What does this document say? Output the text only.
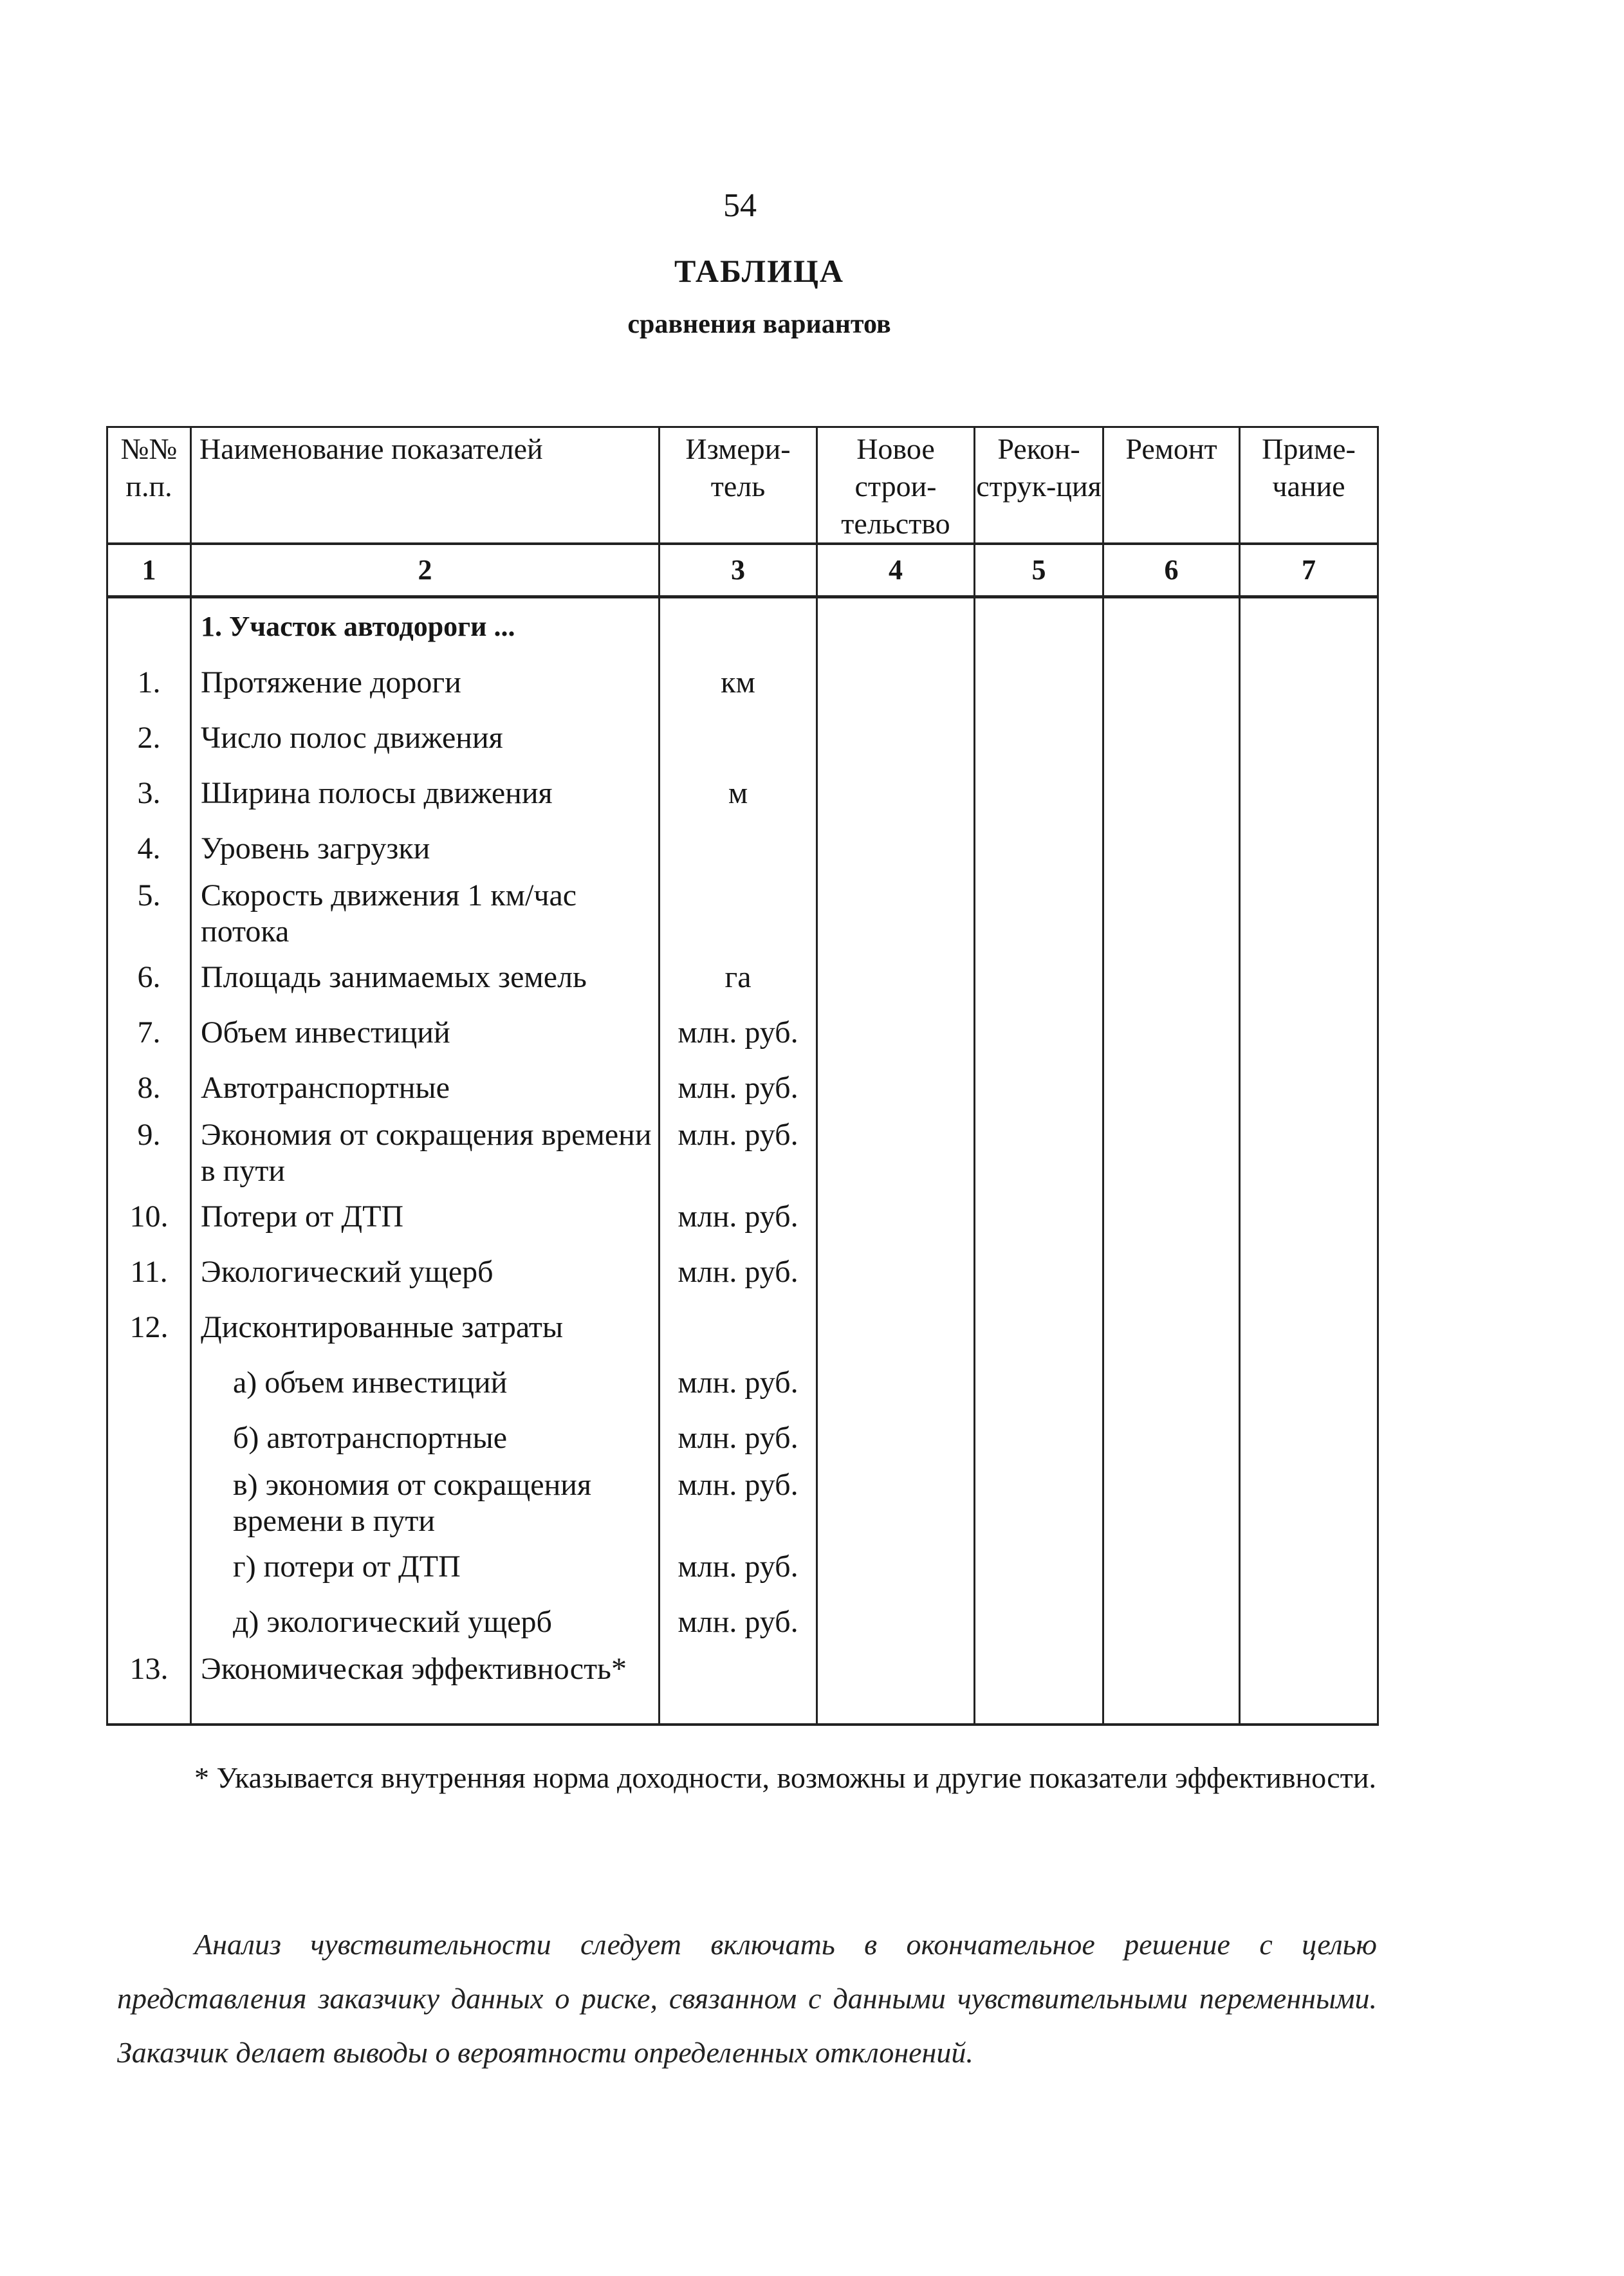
54
ТАБЛИЦА
сравнения вариантов
№№ п.п.	Наименование показателей	Измери-тель	Новое строи-тельство	Рекон-струк-ция	Ремонт	Приме-чание
1	2	3	4	5	6	7
	1. Участок автодороги ...					
1.	Протяжение дороги	км				
2.	Число полос движения					
3.	Ширина полосы движения	м				
4.	Уровень загрузки					
5.	Скорость движения 1 км/час потока					
6.	Площадь занимаемых земель	га				
7.	Объем инвестиций	млн. руб.				
8.	Автотранспортные	млн. руб.				
9.	Экономия от сокращения времени в пути	млн. руб.				
10.	Потери от ДТП	млн. руб.				
11.	Экологический ущерб	млн. руб.				
12.	Дисконтированные затраты					
	а) объем инвестиций	млн. руб.				
	б) автотранспортные	млн. руб.				
	в) экономия от сокращения времени в пути	млн. руб.				
	г) потери от ДТП	млн. руб.				
	д) экологический ущерб	млн. руб.				
13.	Экономическая эффективность*					
* Указывается внутренняя норма доходности, возможны и другие показатели эффективности.
Анализ чувствительности следует включать в окончательное решение с целью представления заказчику данных о риске, связанном с данными чувствительными переменными. Заказчик делает выводы о вероятности определенных отклонений.
